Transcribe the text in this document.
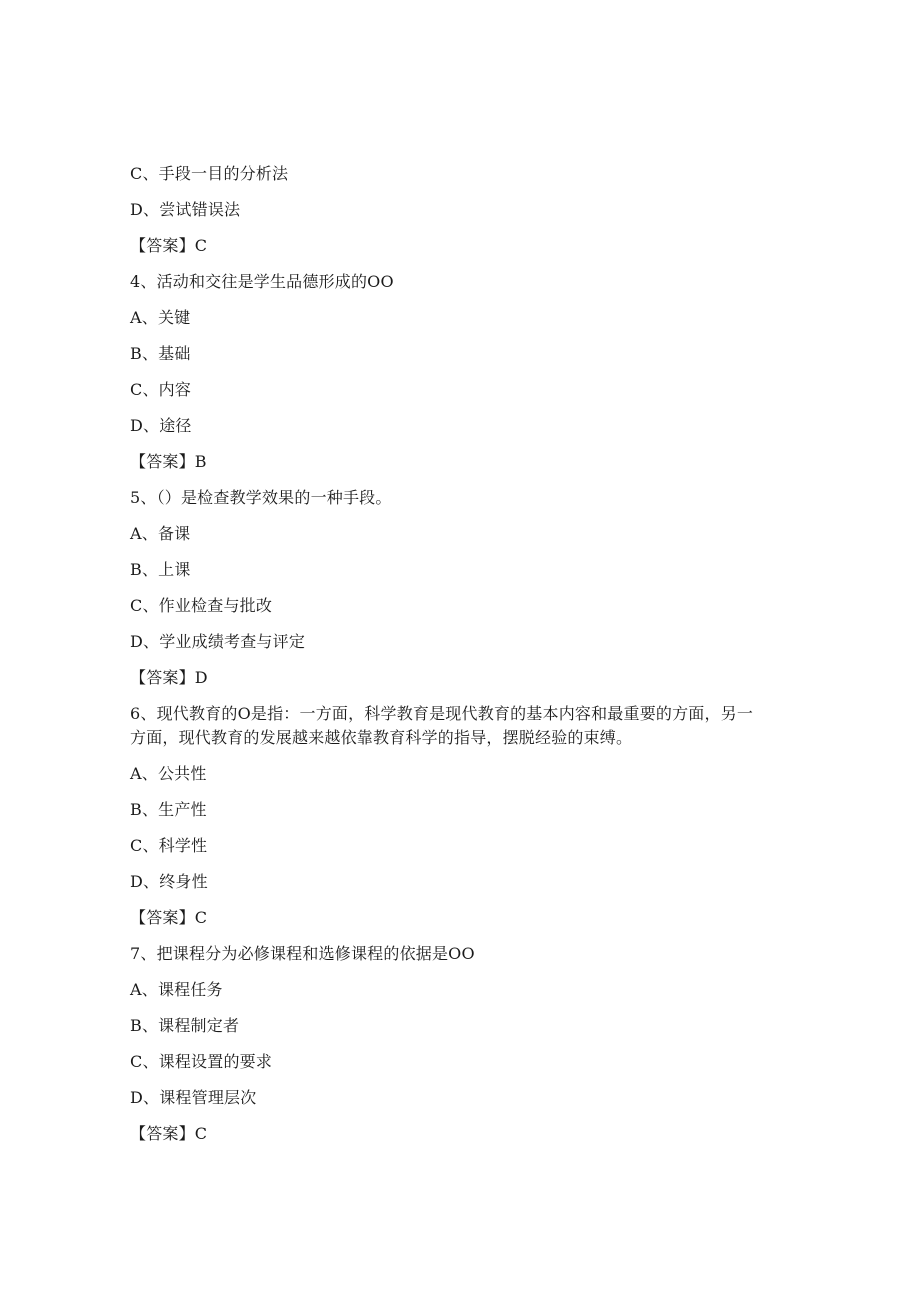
C、手段一目的分析法
D、尝试错误法
【答案】C
4、活动和交往是学生品德形成的OO
A、关键
B、基础
C、内容
D、途径
【答案】B
5、（）是检查教学效果的一种手段。
A、备课
B、上课
C、作业检查与批改
D、学业成绩考查与评定
【答案】D
6、现代教育的O是指：一方面，科学教育是现代教育的基本内容和最重要的方面，另一
方面，现代教育的发展越来越依靠教育科学的指导，摆脱经验的束缚。
A、公共性
B、生产性
C、科学性
D、终身性
【答案】C
7、把课程分为必修课程和选修课程的依据是OO
A、课程任务
B、课程制定者
C、课程设置的要求
D、课程管理层次
【答案】C
